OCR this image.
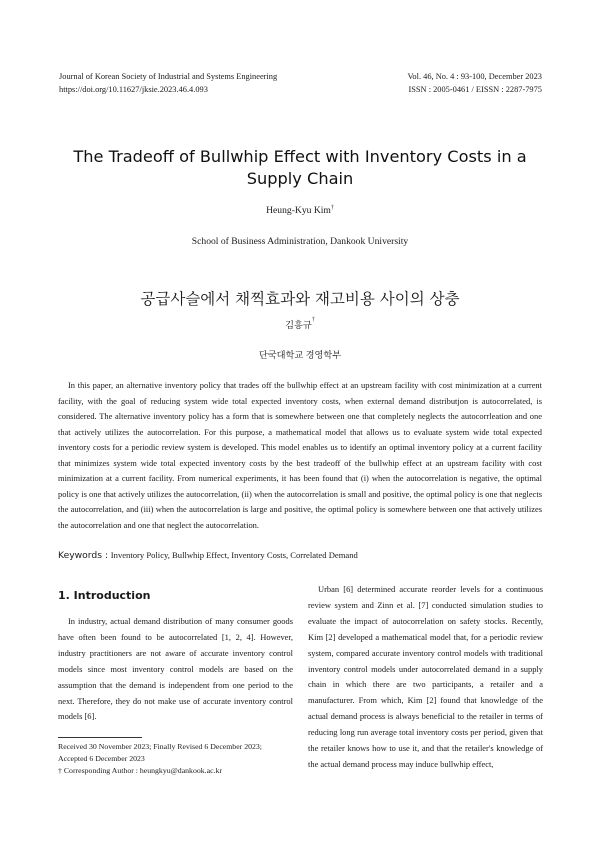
Journal of Korean Society of Industrial and Systems Engineering
https://doi.org/10.11627/jksie.2023.46.4.093
Vol. 46, No. 4 : 93-100, December 2023
ISSN : 2005-0461 / EISSN : 2287-7975
The Tradeoff of Bullwhip Effect with Inventory Costs in a
Supply Chain
Heung-Kyu Kim†
School of Business Administration, Dankook University
공급사슬에서 채찍효과와 재고비용 사이의 상충
김흥규†
단국대학교 경영학부
In this paper, an alternative inventory policy that trades off the bullwhip effect at an upstream facility with cost minimization at a current facility, with the goal of reducing system wide total expected inventory costs, when external demand distributjon is autocorrelated, is considered. The alternative inventory policy has a form that is somewhere between one that completely neglects the autocorrleation and one that actively utilizes the autocorrelation. For this purpose, a mathematical model that allows us to evaluate system wide total expected inventory costs for a periodic review system is developed. This model enables us to identify an optimal inventory policy at a current facility that minimizes system wide total expected inventory costs by the best tradeoff of the bullwhip effect at an upstream facility with cost minimization at a current facility. From numerical experiments, it has been found that (i) when the autocorrelation is negative, the optimal policy is one that actively utilizes the autocorrelation, (ii) when the autocorrelation is small and positive, the optimal policy is one that neglects the autocorrelation, and (iii) when the autocorrelation is large and positive, the optimal policy is somewhere between one that actively utilizes the autocorrelation and one that neglect the autocorrelation.
Keywords : Inventory Policy, Bullwhip Effect, Inventory Costs, Correlated Demand
1. Introduction
In industry, actual demand distribution of many consumer goods have often been found to be autocorrelated [1, 2, 4]. However, industry practitioners are not aware of accurate inventory control models since most inventory control models are based on the assumption that the demand is independent from one period to the next. Therefore, they do not make use of accurate inventory control models [6].
Urban [6] determined accurate reorder levels for a continuous review system and Zinn et al. [7] conducted simulation studies to evaluate the impact of autocorrelation on safety stocks. Recently, Kim [2] developed a mathematical model that, for a periodic review system, compared accurate inventory control models with traditional inventory control models under autocorrelated demand in a supply chain in which there are two participants, a retailer and a manufacturer. From which, Kim [2] found that knowledge of the actual demand process is always beneficial to the retailer in terms of reducing long run average total inventory costs per period, given that the retailer knows how to use it, and that the retailer's knowledge of the actual demand process may induce bullwhip effect,
Received 30 November 2023; Finally Revised 6 December 2023;
Accepted 6 December 2023
† Corresponding Author : heungkyu@dankook.ac.kr
